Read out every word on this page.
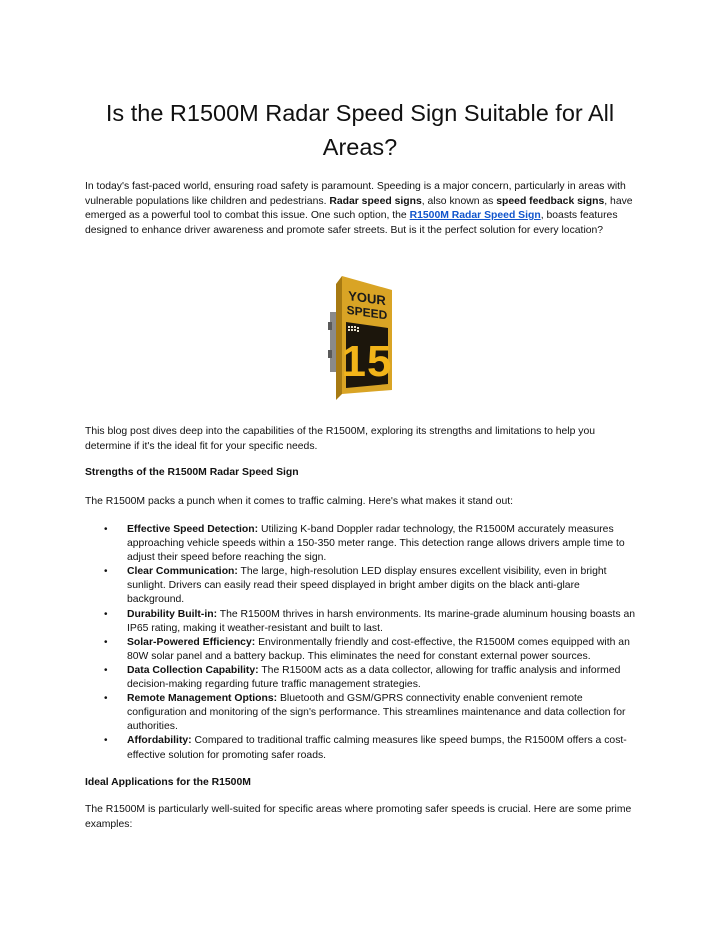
Is the R1500M Radar Speed Sign Suitable for All Areas?

In today's fast-paced world, ensuring road safety is paramount. Speeding is a major concern, particularly in areas with vulnerable populations like children and pedestrians. Radar speed signs, also known as speed feedback signs, have emerged as a powerful tool to combat this issue. One such option, the R1500M Radar Speed Sign, boasts features designed to enhance driver awareness and promote safer streets. But is it the perfect solution for every location?

YOUR
SPEED
15

This blog post dives deep into the capabilities of the R1500M, exploring its strengths and limitations to help you determine if it's the ideal fit for your specific needs.

Strengths of the R1500M Radar Speed Sign

The R1500M packs a punch when it comes to traffic calming. Here's what makes it stand out:

• Effective Speed Detection: Utilizing K-band Doppler radar technology, the R1500M accurately measures approaching vehicle speeds within a 150-350 meter range. This detection range allows drivers ample time to adjust their speed before reaching the sign.
• Clear Communication: The large, high-resolution LED display ensures excellent visibility, even in bright sunlight. Drivers can easily read their speed displayed in bright amber digits on the black anti-glare background.
• Durability Built-in: The R1500M thrives in harsh environments. Its marine-grade aluminum housing boasts an IP65 rating, making it weather-resistant and built to last.
• Solar-Powered Efficiency: Environmentally friendly and cost-effective, the R1500M comes equipped with an 80W solar panel and a battery backup. This eliminates the need for constant external power sources.
• Data Collection Capability: The R1500M acts as a data collector, allowing for traffic analysis and informed decision-making regarding future traffic management strategies.
• Remote Management Options: Bluetooth and GSM/GPRS connectivity enable convenient remote configuration and monitoring of the sign's performance. This streamlines maintenance and data collection for authorities.
• Affordability: Compared to traditional traffic calming measures like speed bumps, the R1500M offers a cost-effective solution for promoting safer roads.
Ideal Applications for the R1500M

The R1500M is particularly well-suited for specific areas where promoting safer speeds is crucial. Here are some prime examples:
